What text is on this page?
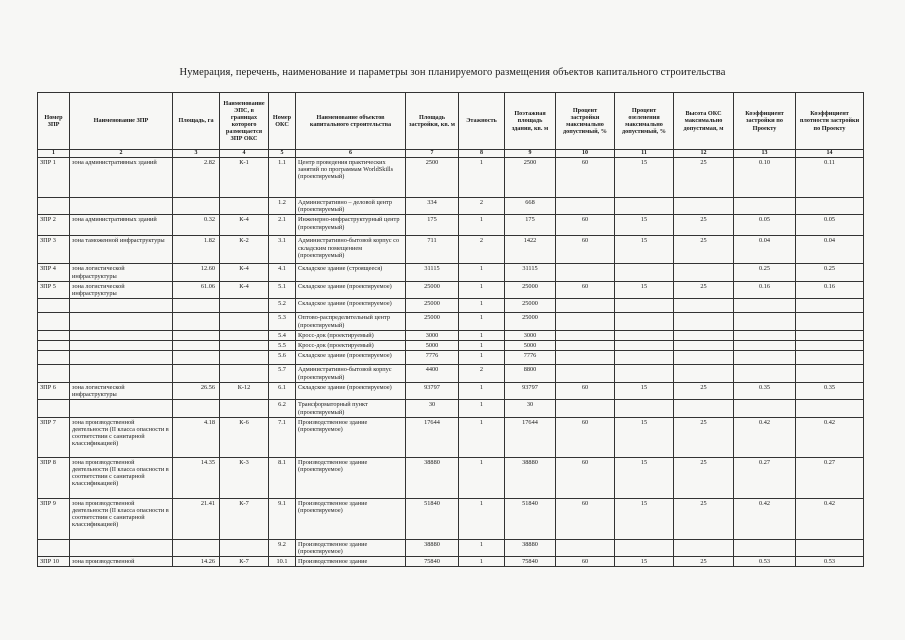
Нумерация, перечень, наименование и параметры зон планируемого размещения объектов капитального строительства
Номер ЗПР	Наименование ЗПР	Площадь, га	Наименование ЭПС, в границах которого размещается ЗПР ОКС	Номер ОКС	Наименование объектов капитального строительства	Площадь застройки, кв. м	Этажность	Поэтажная площадь здания, кв. м	Процент застройки максимально допустимый, %	Процент озеленения максимально допустимый, %	Высота ОКС максимально допустимая, м	Коэффициент застройки по Проекту	Коэффициент плотности застройки по Проекту
1	2	3	4	5	6	7	8	9	10	11	12	13	14
ЗПР 1	зона административных зданий	2.82	К-1	1.1	Центр проведения практических занятий по программам WorldSkills (проектируемый)	2500	1	2500	60	15	25	0.10	0.11
				1.2	Административно – деловой центр (проектируемый)	334	2	668					
ЗПР 2	зона административных зданий	0.32	К-4	2.1	Инженерно-инфраструктурный центр (проектируемый)	175	1	175	60	15	25	0.05	0.05
ЗПР 3	зона таможенной инфраструктуры	1.82	К-2	3.1	Административно-бытовой корпус со складским помещением (проектируемый)	711	2	1422	60	15	25	0.04	0.04
ЗПР 4	зона логистической инфраструктуры	12.60	К-4	4.1	Складское здание (строящееся)	31115	1	31115				0.25	0.25
ЗПР 5	зона логистической инфраструктуры	61.06	К-4	5.1	Складское здание (проектируемое)	25000	1	25000	60	15	25	0.16	0.16
				5.2	Складское здание (проектируемое)	25000	1	25000					
				5.3	Оптово-распределительный центр (проектируемый)	25000	1	25000					
				5.4	Кросс-док (проектируемый)	3000	1	3000					
				5.5	Кросс-док (проектируемый)	5000	1	5000					
				5.6	Складское здание (проектируемое)	7776	1	7776					
				5.7	Административно-бытовой корпус (проектируемый)	4400	2	8800					
ЗПР 6	зона логистической инфраструктуры	26.56	К-12	6.1	Складское здание (проектируемое)	93797	1	93797	60	15	25	0.35	0.35
				6.2	Трансформаторный пункт (проектируемый)	30	1	30					
ЗПР 7	зона производственной деятельности (II класса опасности в соответствии с санитарной классификацией)	4.18	К-6	7.1	Производственное здание (проектируемое)	17644	1	17644	60	15	25	0.42	0.42
ЗПР 8	зона производственной деятельности (II класса опасности в соответствии с санитарной классификацией)	14.35	К-3	8.1	Производственное здание (проектируемое)	38880	1	38880	60	15	25	0.27	0.27
ЗПР 9	зона производственной деятельности (II класса опасности в соответствии с санитарной классификацией)	21.41	К-7	9.1	Производственное здание (проектируемое)	51840	1	51840	60	15	25	0.42	0.42
				9.2	Производственное здание (проектируемое)	38880	1	38880					
ЗПР 10	зона производственной	14.26	К-7	10.1	Производственное здание	75840	1	75840	60	15	25	0.53	0.53
